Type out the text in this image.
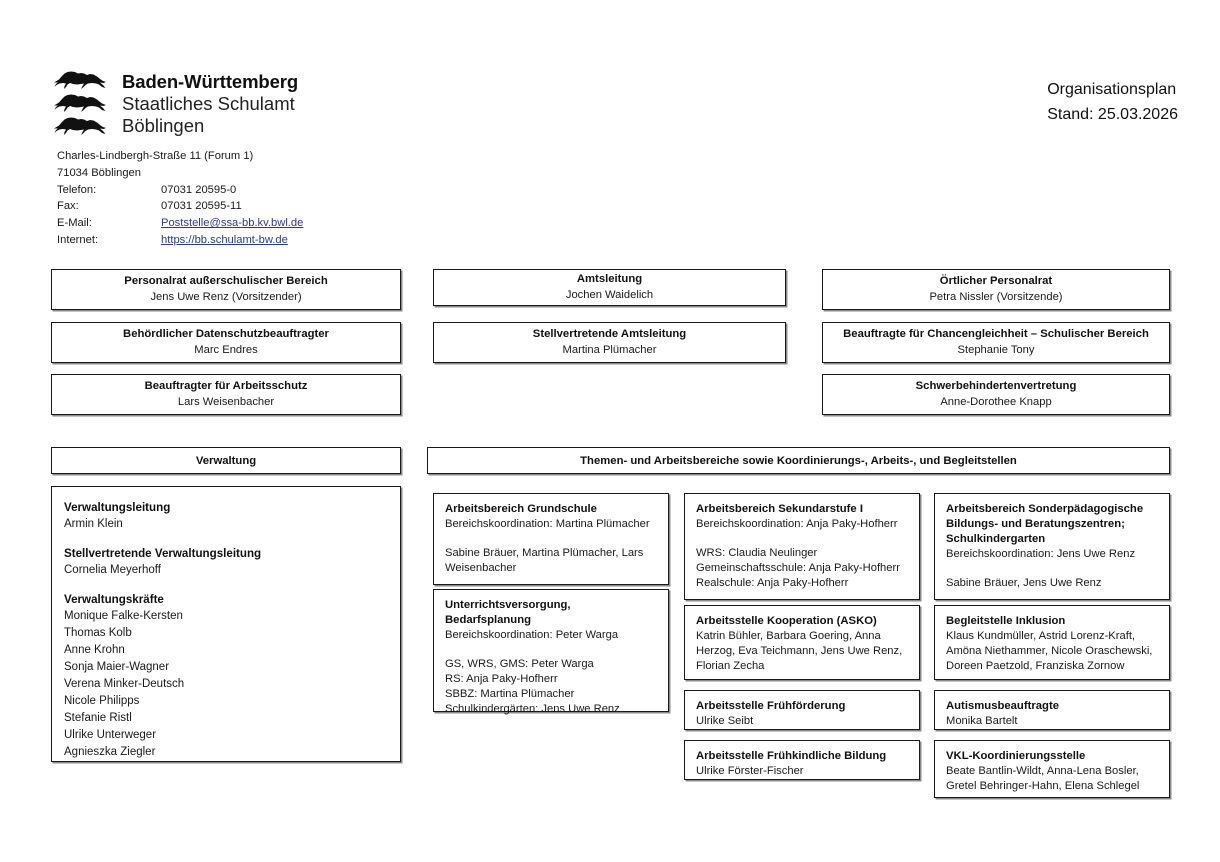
Baden-Württemberg
Staatliches Schulamt
Böblingen
Charles-Lindbergh-Straße 11 (Forum 1)
71034 Böblingen
Telefon:	07031 20595-0
Fax:	07031 20595-11
E-Mail:	Poststelle@ssa-bb.kv.bwl.de
Internet:	https://bb.schulamt-bw.de
Organisationsplan
Stand: 25.03.2026
Personalrat außerschulischer Bereich
Jens Uwe Renz (Vorsitzender)
Behördlicher Datenschutzbeauftragter
Marc Endres
Beauftragter für Arbeitsschutz
Lars Weisenbacher
Amtsleitung
Jochen Waidelich
Stellvertretende Amtsleitung
Martina Plümacher
Örtlicher Personalrat
Petra Nissler (Vorsitzende)
Beauftragte für Chancengleichheit – Schulischer Bereich
Stephanie Tony
Schwerbehindertenvertretung
Anne-Dorothee Knapp
Verwaltung	Themen- und Arbeitsbereiche sowie Koordinierungs-, Arbeits-, und Begleitstellen
Verwaltungsleitung
Armin Klein
Stellvertretende Verwaltungsleitung
Cornelia Meyerhoff
Verwaltungskräfte
Monique Falke-Kersten
Thomas Kolb
Anne Krohn
Sonja Maier-Wagner
Verena Minker-Deutsch
Nicole Philipps
Stefanie Ristl
Ulrike Unterweger
Agnieszka Ziegler
Arbeitsbereich Grundschule
Bereichskoordination: Martina Plümacher
Sabine Bräuer, Martina Plümacher, Lars
Weisenbacher
Unterrichtsversorgung, Bedarfsplanung
Bereichskoordination: Peter Warga
GS, WRS, GMS: Peter Warga
RS: Anja Paky-Hofherr
SBBZ: Martina Plümacher
Schulkindergärten: Jens Uwe Renz
Arbeitsbereich Sekundarstufe I
Bereichskoordination: Anja Paky-Hofherr
WRS: Claudia Neulinger
Gemeinschaftsschule: Anja Paky-Hofherr
Realschule: Anja Paky-Hofherr
Arbeitsstelle Kooperation (ASKO)
Katrin Bühler, Barbara Goering, Anna
Herzog, Eva Teichmann, Jens Uwe Renz,
Florian Zecha
Arbeitsstelle Frühförderung
Ulrike Seibt
Arbeitsstelle Frühkindliche Bildung
Ulrike Förster-Fischer
Arbeitsbereich Sonderpädagogische Bildungs- und Beratungszentren; Schulkindergarten
Bereichskoordination: Jens Uwe Renz
Sabine Bräuer, Jens Uwe Renz
Begleitstelle Inklusion
Klaus Kundmüller, Astrid Lorenz-Kraft,
Amöna Niethammer, Nicole Oraschewski,
Doreen Paetzold, Franziska Zornow
Autismusbeauftragte
Monika Bartelt
VKL-Koordinierungsstelle
Beate Bantlin-Wildt, Anna-Lena Bosler,
Gretel Behringer-Hahn, Elena Schlegel
